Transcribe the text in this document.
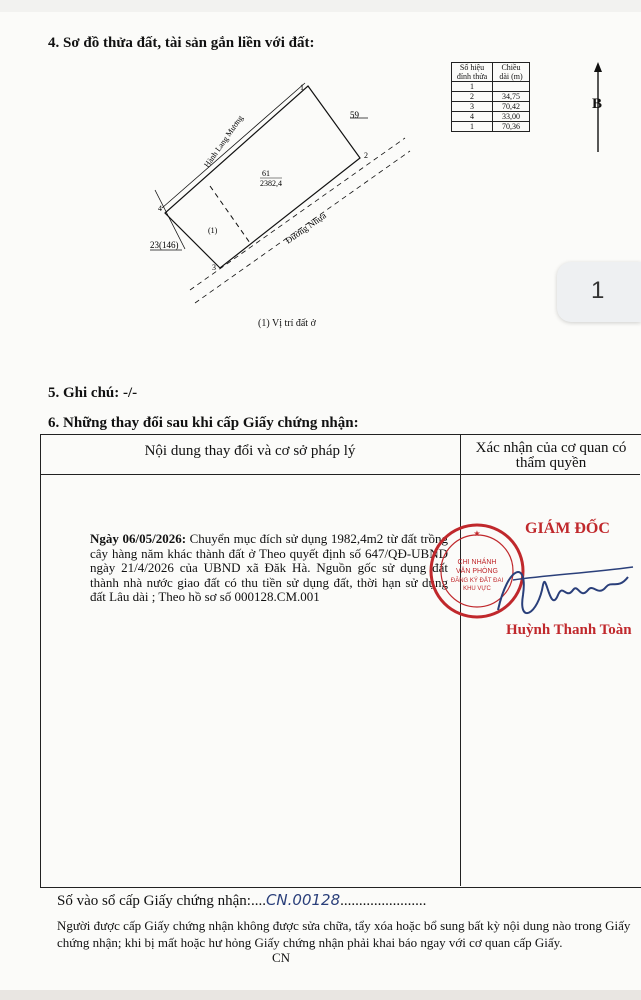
4. Sơ đồ thửa đất, tài sản gắn liền với đất:
1
2
3
4
59
61
2382,4
23(146)
(1)
Hành Lang Mương
Đường Nhựa
(1) Vị trí đất ở
Số hiệu đỉnh thửa	Chiều dài (m)
1	
2	34,75
3	70,42
4	33,00
1	70,36
B
1
5. Ghi chú: -/-
6. Những thay đổi sau khi cấp Giấy chứng nhận:
Nội dung thay đổi và cơ sở pháp lý	Xác nhận của cơ quan có thẩm quyền
Ngày 06/05/2026: Chuyển mục đích sử dụng 1982,4m2 từ đất trồng cây hàng năm khác thành đất ở Theo quyết định số 647/QĐ-UBND ngày 21/4/2026 của UBND xã Đăk Hà. Nguồn gốc sử dụng đất thành nhà nước giao đất có thu tiền sử dụng đất, thời hạn sử dụng đất Lâu dài ; Theo hồ sơ số 000128.CM.001
CHI NHÁNH
VĂN PHÒNG
ĐĂNG KÝ ĐẤT ĐAI
KHU VỰC
★	GIÁM ĐỐC
Huỳnh Thanh Toàn
Số vào sổ cấp Giấy chứng nhận:....CN.00128.......................
Người được cấp Giấy chứng nhận không được sửa chữa, tẩy xóa hoặc bổ sung bất kỳ nội dung nào trong Giấy chứng nhận; khi bị mất hoặc hư hỏng Giấy chứng nhận phải khai báo ngay với cơ quan cấp Giấy.
CN
